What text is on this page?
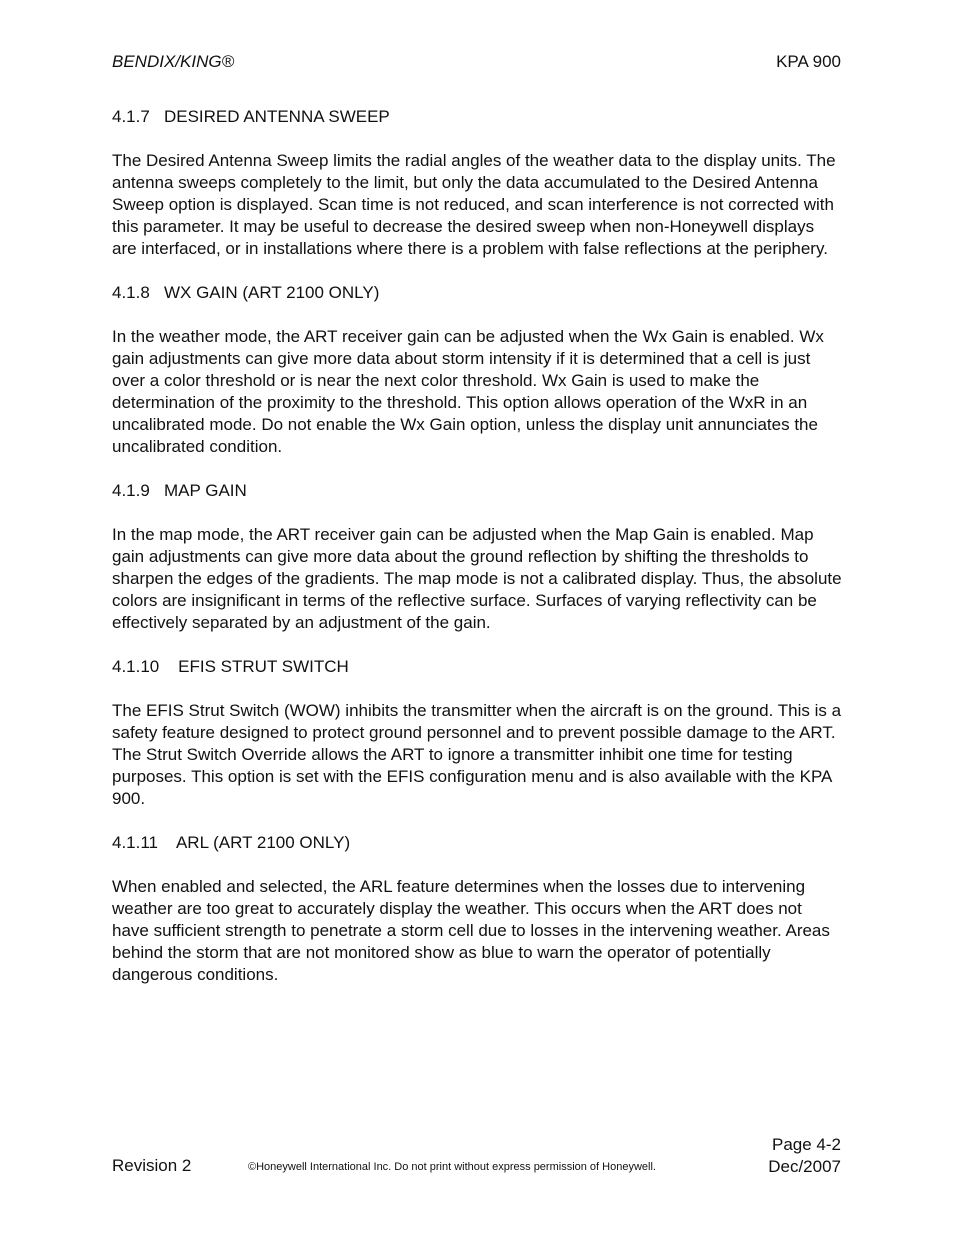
BENDIX/KING®	KPA 900

4.1.7   DESIRED ANTENNA SWEEP

The Desired Antenna Sweep limits the radial angles of the weather data to the display units. The antenna sweeps completely to the limit, but only the data accumulated to the Desired Antenna Sweep option is displayed. Scan time is not reduced, and scan interference is not corrected with this parameter. It may be useful to decrease the desired sweep when non-Honeywell displays are interfaced, or in installations where there is a problem with false reflections at the periphery.

4.1.8   WX GAIN (ART 2100 ONLY)

In the weather mode, the ART receiver gain can be adjusted when the Wx Gain is enabled. Wx gain adjustments can give more data about storm intensity if it is determined that a cell is just over a color threshold or is near the next color threshold. Wx Gain is used to make the determination of the proximity to the threshold. This option allows operation of the WxR in an uncalibrated mode. Do not enable the Wx Gain option, unless the display unit annunciates the uncalibrated condition.

4.1.9   MAP GAIN

In the map mode, the ART receiver gain can be adjusted when the Map Gain is enabled. Map gain adjustments can give more data about the ground reflection by shifting the thresholds to sharpen the edges of the gradients. The map mode is not a calibrated display. Thus, the absolute colors are insignificant in terms of the reflective surface. Surfaces of varying reflectivity can be effectively separated by an adjustment of the gain.

4.1.10    EFIS STRUT SWITCH

The EFIS Strut Switch (WOW) inhibits the transmitter when the aircraft is on the ground. This is a safety feature designed to protect ground personnel and to prevent possible damage to the ART. The Strut Switch Override allows the ART to ignore a transmitter inhibit one time for testing purposes. This option is set with the EFIS configuration menu and is also available with the KPA 900.

4.1.11    ARL (ART 2100 ONLY)

When enabled and selected, the ARL feature determines when the losses due to intervening weather are too great to accurately display the weather. This occurs when the ART does not have sufficient strength to penetrate a storm cell due to losses in the intervening weather. Areas behind the storm that are not monitored show as blue to warn the operator of potentially dangerous conditions.

Revision 2	©Honeywell International Inc. Do not print without express permission of Honeywell.
Page 4-2
Dec/2007
